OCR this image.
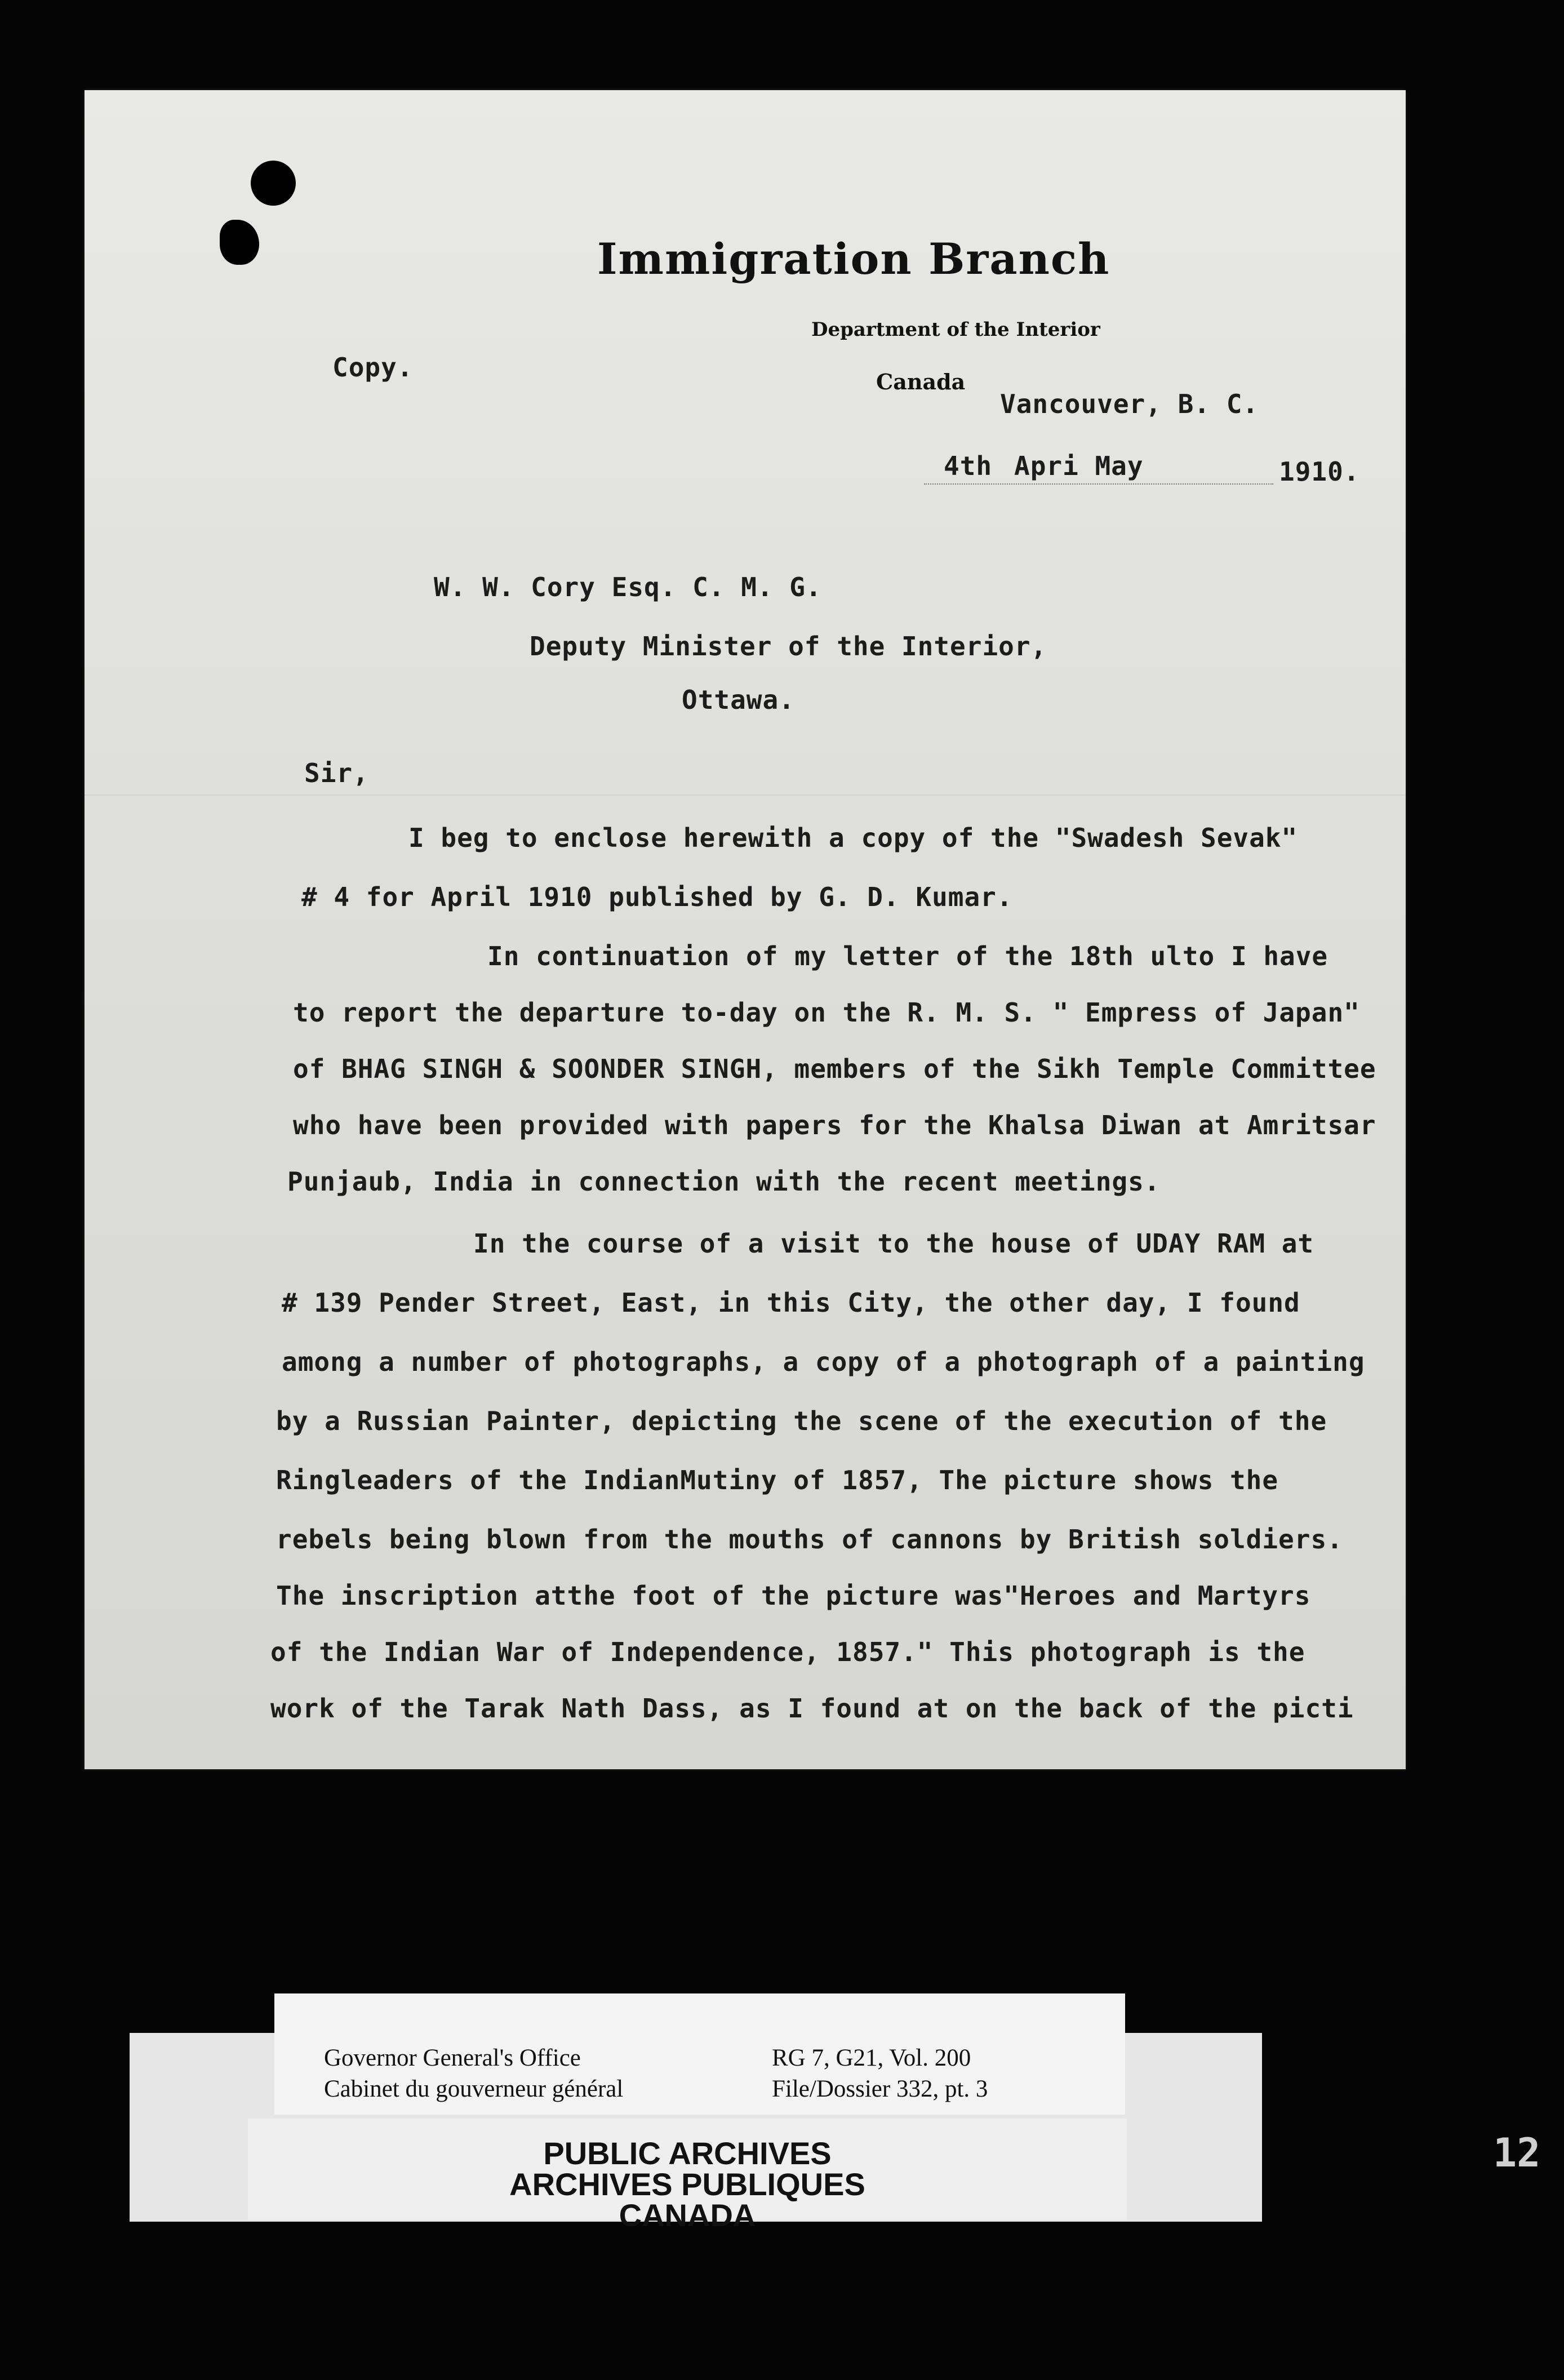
Immigration Branch
Department of the Interior
Canada
Copy.
Vancouver, B. C.
4th Apri May	1910.
W. W. Cory Esq. C. M. G.
Deputy Minister of the Interior,
Ottawa.
Sir,
I beg to enclose herewith a copy of the "Swadesh Sevak"
# 4 for April 1910 published by G. D. Kumar.
In continuation of my letter of the 18th ulto I have
to report the departure to-day on the R. M. S. " Empress of Japan"
of BHAG SINGH & SOONDER SINGH, members of the Sikh Temple Committee
who have been provided with papers for the Khalsa Diwan at Amritsar
Punjaub, India in connection with the recent meetings.
In the course of a visit to the house of UDAY RAM at
# 139 Pender Street, East, in this City, the other day, I found
among a number of photographs, a copy of a photograph of a painting
by a Russian Painter, depicting the scene of the execution of the
Ringleaders of the IndianMutiny of 1857, The picture shows the
rebels being blown from the mouths of cannons by British soldiers.
The inscription atthe foot of the picture was"Heroes and Martyrs
of the Indian War of Independence, 1857." This photograph is the
work of the Tarak Nath Dass, as I found at on the back of the picti
Governor General's Office
Cabinet du gouverneur général
RG 7, G21, Vol. 200
File/Dossier 332, pt. 3
PUBLIC ARCHIVES
ARCHIVES PUBLIQUES
CANADA
12
